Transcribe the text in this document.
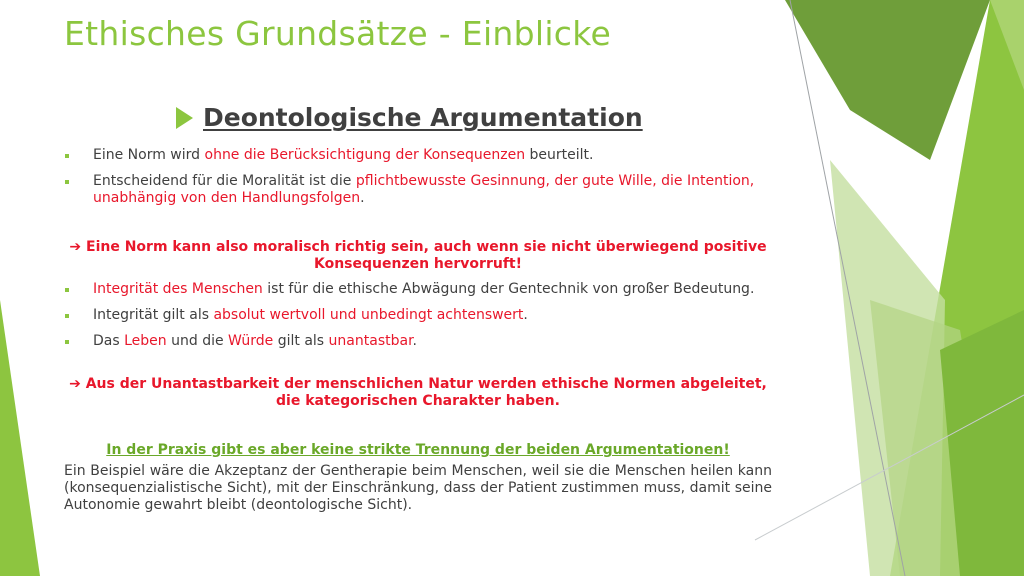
Ethisches Grundsätze - Einblicke
Deontologische Argumentation
Eine Norm wird ohne die Berücksichtigung der Konsequenzen beurteilt.
Entscheidend für die Moralität ist die pflichtbewusste Gesinnung, der gute Wille, die Intention, unabhängig von den Handlungsfolgen.
➔ Eine Norm kann also moralisch richtig sein, auch wenn sie nicht überwiegend positive Konsequenzen hervorruft!
Integrität des Menschen ist für die ethische Abwägung der Gentechnik von großer Bedeutung.
Integrität gilt als absolut wertvoll und unbedingt achtenswert.
Das Leben und die Würde gilt als unantastbar.
➔ Aus der Unantastbarkeit der menschlichen Natur werden ethische Normen abgeleitet, die kategorischen Charakter haben.
In der Praxis gibt es aber keine strikte Trennung der beiden Argumentationen!

Ein Beispiel wäre die Akzeptanz der Gentherapie beim Menschen, weil sie die Menschen heilen kann (konsequenzialistische Sicht), mit der Einschränkung, dass der Patient zustimmen muss, damit seine Autonomie gewahrt bleibt (deontologische Sicht).
